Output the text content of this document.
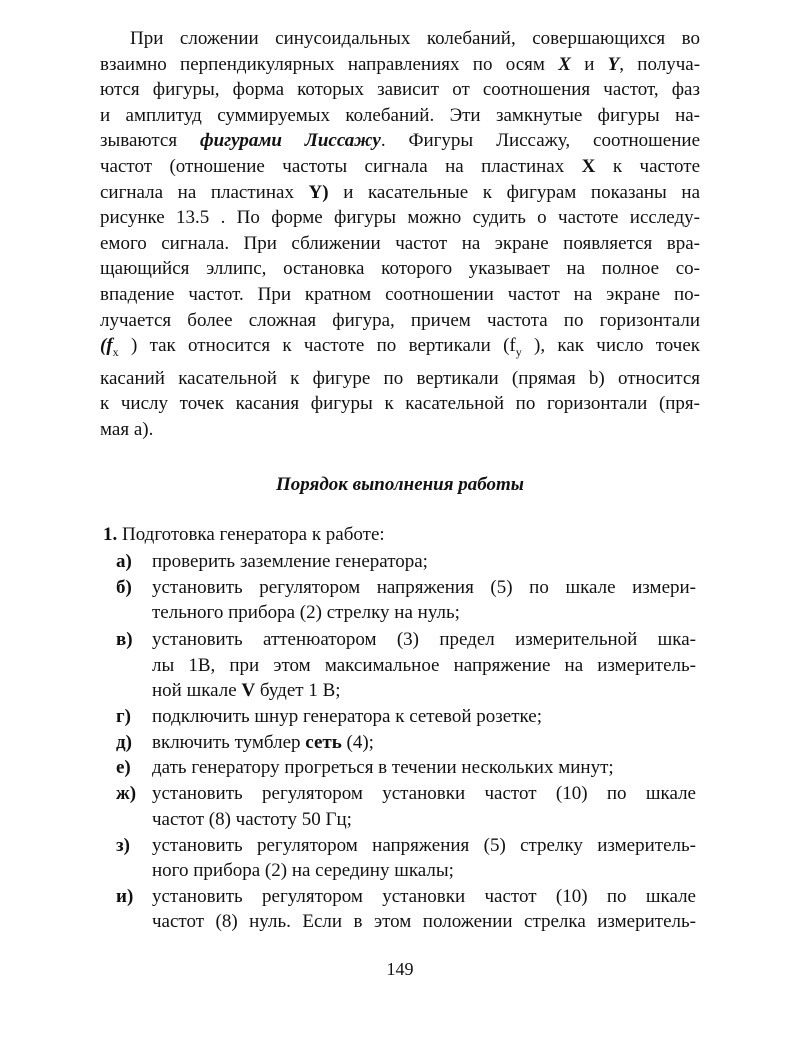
При сложении синусоидальных колебаний, совершающихся во
взаимно перпендикулярных направлениях по осям X и Y, получа-
ются фигуры, форма которых зависит от соотношения частот, фаз
и амплитуд суммируемых колебаний. Эти замкнутые фигуры на-
зываются фигурами Лиссажу. Фигуры Лиссажу, соотношение
частот (отношение частоты сигнала на пластинах X к частоте
сигнала на пластинах Y) и касательные к фигурам показаны на
рисунке 13.5 . По форме фигуры можно судить о частоте исследу-
емого сигнала. При сближении частот на экране появляется вра-
щающийся эллипс, остановка которого указывает на полное со-
впадение частот. При кратном соотношении частот на экране по-
лучается более сложная фигура, причем частота по горизонтали
($f_x$ ) так относится к частоте по вертикали ($f_y$ ), как число точек
касаний касательной к фигуре по вертикали (прямая b) относится
к числу точек касания фигуры к касательной по горизонтали (пря-
мая а).
Порядок выполнения работы
1. Подготовка генератора к работе:
а) проверить заземление генератора;
б) установить регулятором напряжения (5) по шкале измери-
тельного прибора (2) стрелку на нуль;
в) установить аттенюатором (3) предел измерительной шка-
лы 1В, при этом максимальное напряжение на измеритель-
ной шкале V будет 1 В;
г) подключить шнур генератора к сетевой розетке;
д) включить тумблер сеть (4);
е) дать генератору прогреться в течении нескольких минут;
ж) установить регулятором установки частот (10) по шкале
частот (8) частоту 50 Гц;
з) установить регулятором напряжения (5) стрелку измеритель-
ного прибора (2) на середину шкалы;
и) установить регулятором установки частот (10) по шкале
частот (8) нуль. Если в этом положении стрелка измеритель-
149
